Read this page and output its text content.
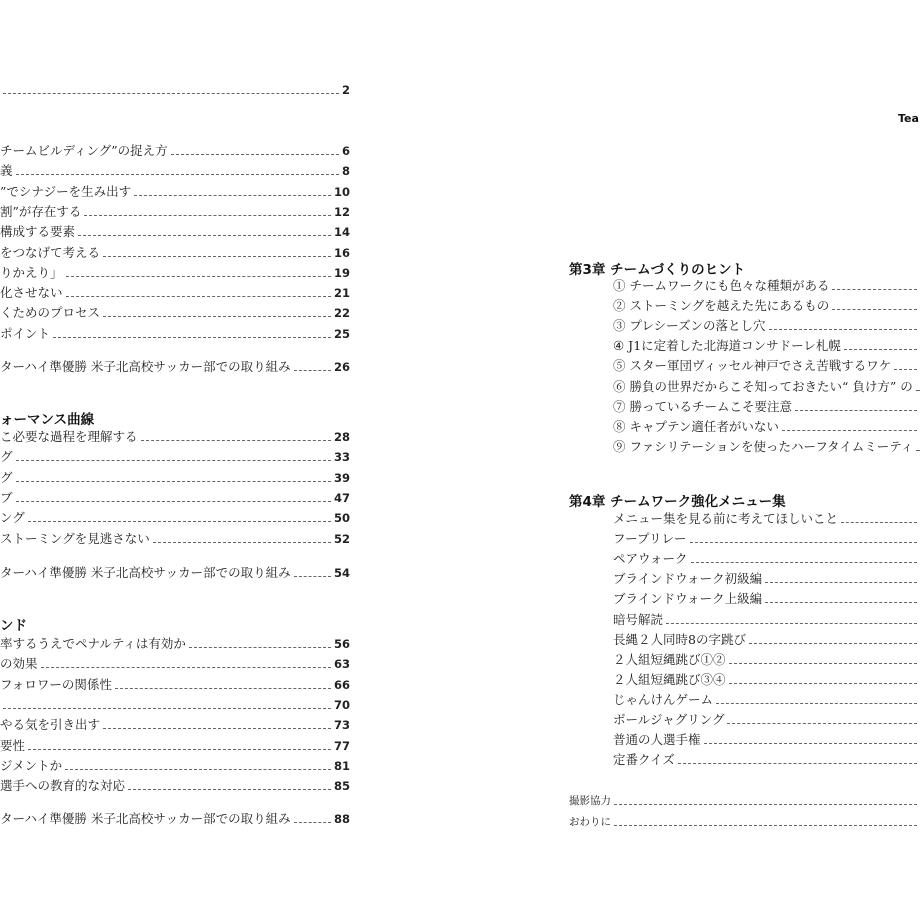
2
チームビルディング”の捉え方	6
義	8
”でシナジーを生み出す	10
割”が存在する	12
構成する要素	14
をつなげて考える	16
りかえり」	19
化させない	21
くためのプロセス	22
ポイント	25
ターハイ準優勝 米子北高校サッカー部での取り組み	26
ォーマンス曲線
こ必要な過程を理解する	28
グ	33
グ	39
ブ	47
ング	50
ストーミングを見逃さない	52
ターハイ準優勝 米子北高校サッカー部での取り組み	54
ンド
率するうえでペナルティは有効か	56
の効果	63
フォロワーの関係性	66
70
やる気を引き出す	73
要性	77
ジメントか	81
選手への教育的な対応	85
ターハイ準優勝 米子北高校サッカー部での取り組み	88
第3章 チームづくりのヒント
① チームワークにも色々な種類がある
② ストーミングを越えた先にあるもの
③ プレシーズンの落とし穴
④ J1に定着した北海道コンサドーレ札幌
⑤ スター軍団ヴィッセル神戸でさえ苦戦するワケ
⑥ 勝負の世界だからこそ知っておきたい“ 負け方” の
⑦ 勝っているチームこそ要注意
⑧ キャプテン適任者がいない
⑨ ファシリテーションを使ったハーフタイムミーティ
第4章 チームワーク強化メニュー集
メニュー集を見る前に考えてほしいこと
フープリレー
ペアウォーク
ブラインドウォーク初級編
ブラインドウォーク上級編
暗号解読
長縄２人同時8の字跳び
２人組短縄跳び①②
２人組短縄跳び③④
じゃんけんゲーム
ボールジャグリング
普通の人選手権
定番クイズ
撮影協力
おわりに
Tea
